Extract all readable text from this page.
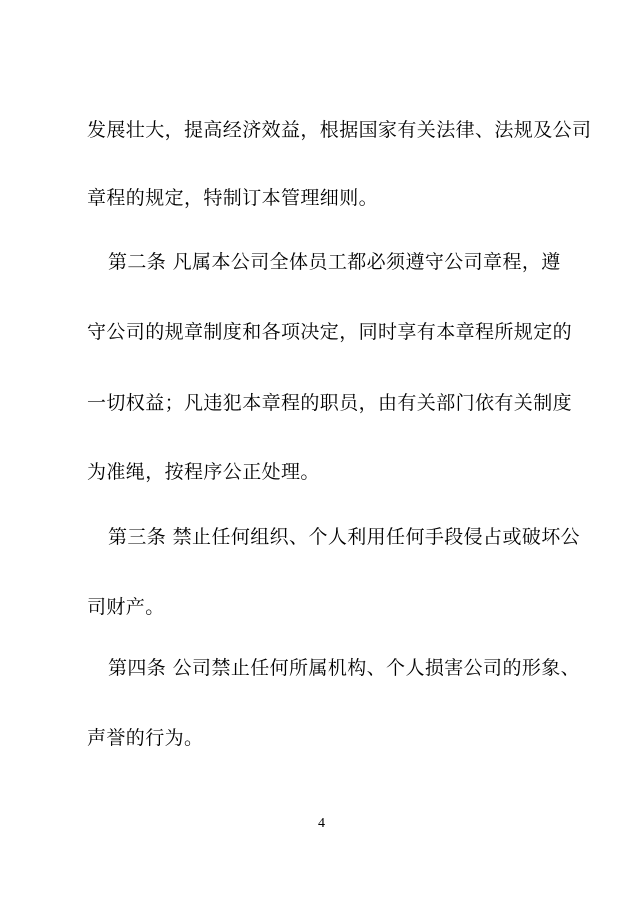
发展壮大，提高经济效益，根据国家有关法律、法规及公司
章程的规定，特制订本管理细则。
第二条 凡属本公司全体员工都必须遵守公司章程，遵
守公司的规章制度和各项决定，同时享有本章程所规定的
一切权益；凡违犯本章程的职员，由有关部门依有关制度
为准绳，按程序公正处理。
第三条 禁止任何组织、个人利用任何手段侵占或破坏公
司财产。
第四条 公司禁止任何所属机构、个人损害公司的形象、
声誉的行为。
4
